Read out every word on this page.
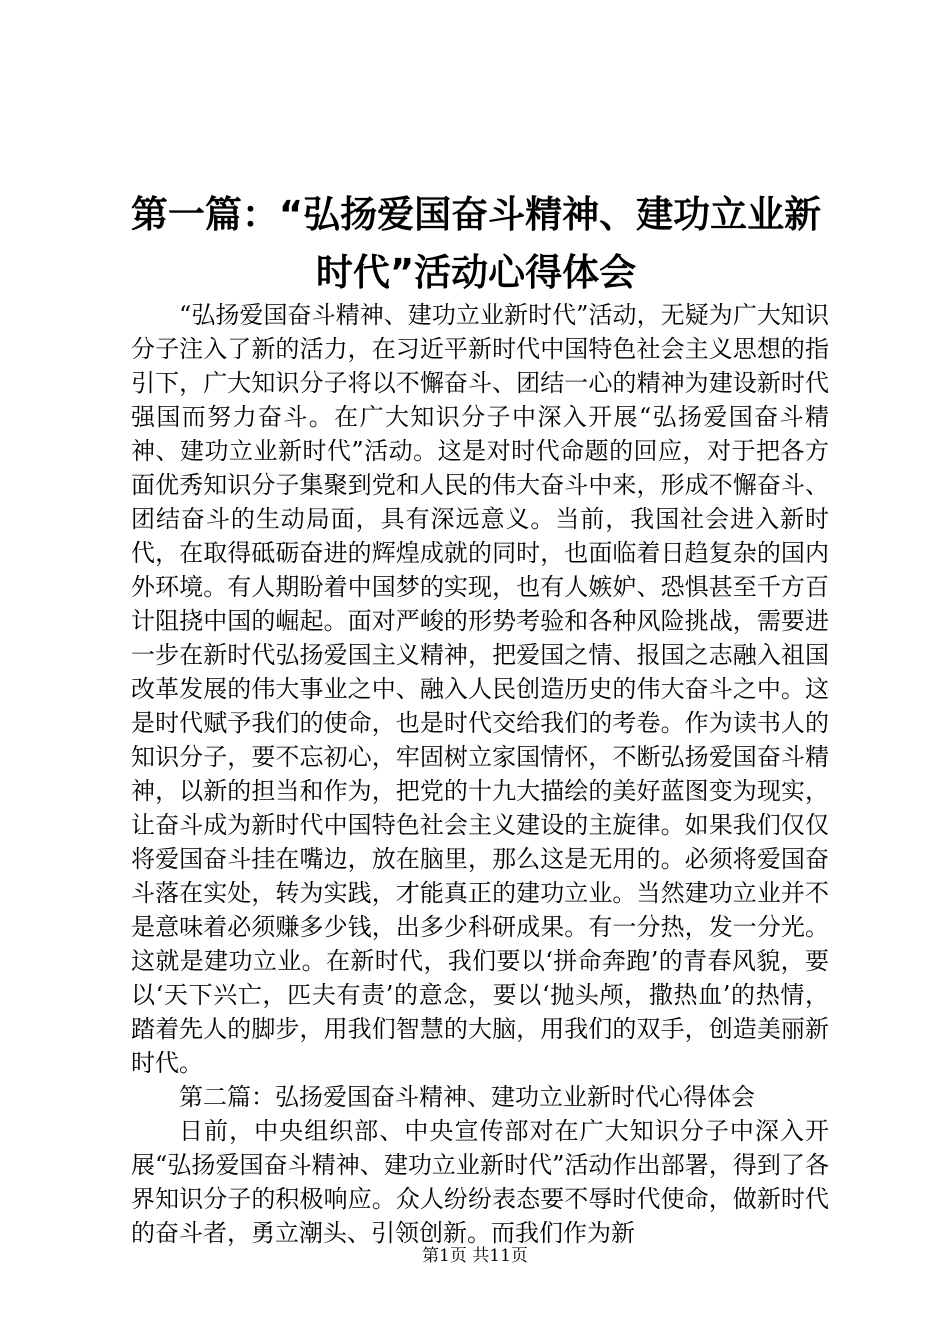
第一篇：“弘扬爱国奋斗精神、建功立业新时代”活动心得体会

“弘扬爱国奋斗精神、建功立业新时代”活动，无疑为广大知识分子注入了新的活力，在习近平新时代中国特色社会主义思想的指引下，广大知识分子将以不懈奋斗、团结一心的精神为建设新时代强国而努力奋斗。在广大知识分子中深入开展“弘扬爱国奋斗精神、建功立业新时代”活动。这是对时代命题的回应，对于把各方面优秀知识分子集聚到党和人民的伟大奋斗中来，形成不懈奋斗、团结奋斗的生动局面，具有深远意义。当前，我国社会进入新时代，在取得砥砺奋进的辉煌成就的同时，也面临着日趋复杂的国内外环境。有人期盼着中国梦的实现，也有人嫉妒、恐惧甚至千方百计阻挠中国的崛起。面对严峻的形势考验和各种风险挑战，需要进一步在新时代弘扬爱国主义精神，把爱国之情、报国之志融入祖国改革发展的伟大事业之中、融入人民创造历史的伟大奋斗之中。这是时代赋予我们的使命，也是时代交给我们的考卷。作为读书人的知识分子，要不忘初心，牢固树立家国情怀，不断弘扬爱国奋斗精神，以新的担当和作为，把党的十九大描绘的美好蓝图变为现实，让奋斗成为新时代中国特色社会主义建设的主旋律。如果我们仅仅将爱国奋斗挂在嘴边，放在脑里，那么这是无用的。必须将爱国奋斗落在实处，转为实践，才能真正的建功立业。当然建功立业并不是意味着必须赚多少钱，出多少科研成果。有一分热，发一分光。这就是建功立业。在新时代，我们要以‘拼命奔跑’的青春风貌，要以‘天下兴亡，匹夫有责’的意念，要以‘抛头颅，撒热血’的热情，踏着先人的脚步，用我们智慧的大脑，用我们的双手，创造美丽新时代。

第二篇：弘扬爱国奋斗精神、建功立业新时代心得体会

日前，中央组织部、中央宣传部对在广大知识分子中深入开展“弘扬爱国奋斗精神、建功立业新时代”活动作出部署，得到了各界知识分子的积极响应。众人纷纷表态要不辱时代使命，做新时代的奋斗者，勇立潮头、引领创新。而我们作为新

第1页 共11页
